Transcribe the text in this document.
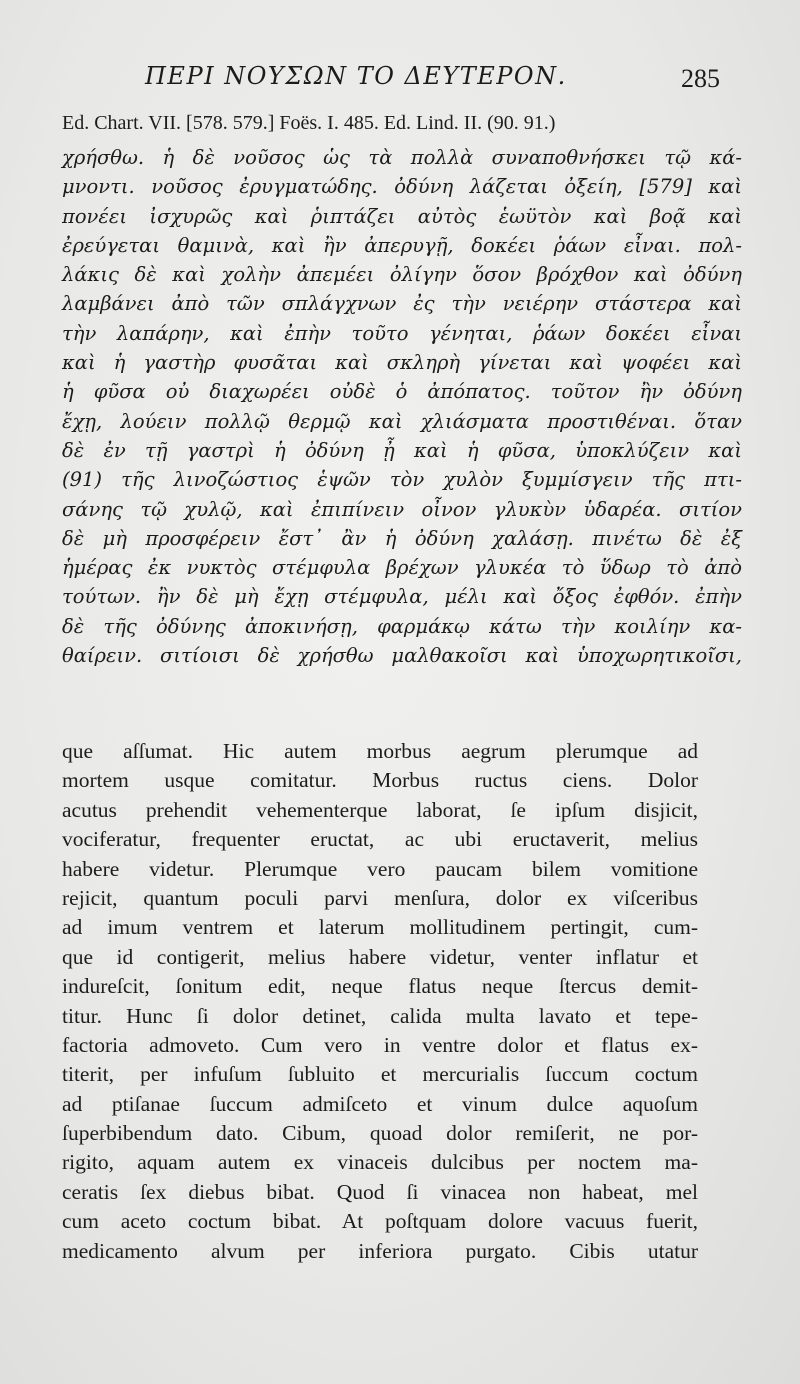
ΠΕΡΙ ΝΟΥΣΩΝ ΤΟ ΔΕΥΤΕΡΟΝ.	285
Ed. Chart. VII. [578. 579.] Foës. I. 485. Ed. Lind. II. (90. 91.)
χρήσθω. ἡ δὲ νοῦσος ὡς τὰ πολλὰ συναποθνήσκει τῷ κά-
μνοντι. νοῦσος ἐρυγματώδης. ὀδύνη λάζεται ὀξείη, [579] καὶ
πονέει ἰσχυρῶς καὶ ῥιπτάζει αὐτὸς ἑωϋτὸν καὶ βοᾷ καὶ
ἐρεύγεται θαμινὰ, καὶ ἢν ἀπερυγῇ, δοκέει ῥάων εἶναι. πολ-
λάκις δὲ καὶ χολὴν ἀπεμέει ὀλίγην ὅσον βρόχθον καὶ ὀδύνη
λαμβάνει ἀπὸ τῶν σπλάγχνων ἐς τὴν νειέρην στάστερα καὶ
τὴν λαπάρην, καὶ ἐπὴν τοῦτο γένηται, ῥάων δοκέει εἶναι
καὶ ἡ γαστὴρ φυσᾶται καὶ σκληρὴ γίνεται καὶ ψοφέει καὶ
ἡ φῦσα οὐ διαχωρέει οὐδὲ ὁ ἀπόπατος. τοῦτον ἢν ὀδύνη
ἔχῃ, λούειν πολλῷ θερμῷ καὶ χλιάσματα προστιθέναι. ὅταν
δὲ ἐν τῇ γαστρὶ ἡ ὀδύνη ᾖ καὶ ἡ φῦσα, ὑποκλύζειν καὶ
(91) τῆς λινοζώστιος ἑψῶν τὸν χυλὸν ξυμμίσγειν τῆς πτι-
σάνης τῷ χυλῷ, καὶ ἐπιπίνειν οἶνον γλυκὺν ὑδαρέα. σιτίον
δὲ μὴ προσφέρειν ἔστ᾽ ἂν ἡ ὀδύνη χαλάσῃ. πινέτω δὲ ἐξ
ἡμέρας ἐκ νυκτὸς στέμφυλα βρέχων γλυκέα τὸ ὕδωρ τὸ ἀπὸ
τούτων. ἢν δὲ μὴ ἔχῃ στέμφυλα, μέλι καὶ ὄξος ἐφθόν. ἐπὴν
δὲ τῆς ὀδύνης ἀποκινήσῃ, φαρμάκῳ κάτω τὴν κοιλίην κα-
θαίρειν. σιτίοισι δὲ χρήσθω μαλθακοῖσι καὶ ὑποχωρητικοῖσι,
que aſſumat. Hic autem morbus aegrum plerumque ad
mortem usque comitatur. Morbus ructus ciens. Dolor
acutus prehendit vehementerque laborat, ſe ipſum disjicit,
vociferatur, frequenter eructat, ac ubi eructaverit, melius
habere videtur. Plerumque vero paucam bilem vomitione
rejicit, quantum poculi parvi menſura, dolor ex viſceribus
ad imum ventrem et laterum mollitudinem pertingit, cum-
que id contigerit, melius habere videtur, venter inflatur et
indureſcit, ſonitum edit, neque flatus neque ſtercus demit-
titur. Hunc ſi dolor detinet, calida multa lavato et tepe-
factoria admoveto. Cum vero in ventre dolor et flatus ex-
titerit, per infuſum ſubluito et mercurialis ſuccum coctum
ad ptiſanae ſuccum admiſceto et vinum dulce aquoſum
ſuperbibendum dato. Cibum, quoad dolor remiſerit, ne por-
rigito, aquam autem ex vinaceis dulcibus per noctem ma-
ceratis ſex diebus bibat. Quod ſi vinacea non habeat, mel
cum aceto coctum bibat. At poſtquam dolore vacuus fuerit,
medicamento alvum per inferiora purgato. Cibis utatur
